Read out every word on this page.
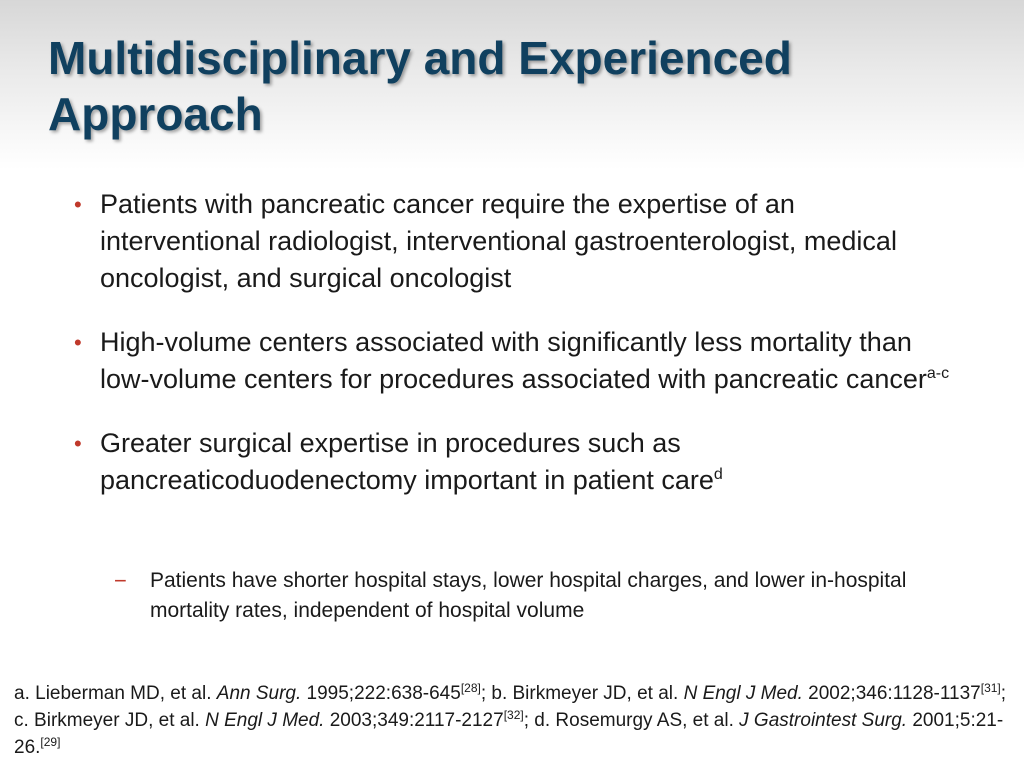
Multidisciplinary and Experienced
Approach
• Patients with pancreatic cancer require the expertise of an interventional radiologist, interventional gastroenterologist, medical oncologist, and surgical oncologist
• High-volume centers associated with significantly less mortality than low-volume centers for procedures associated with pancreatic cancer$^{a-c}$
• Greater surgical expertise in procedures such as pancreaticoduodenectomy important in patient care$^d$
− Patients have shorter hospital stays, lower hospital charges, and lower in-hospital mortality rates, independent of hospital volume
a. Lieberman MD, et al. Ann Surg. 1995;222:638-645[28]; b. Birkmeyer JD, et al. N Engl J Med. 2002;346:1128-1137[31]; c. Birkmeyer JD, et al. N Engl J Med. 2003;349:2117-2127[32]; d. Rosemurgy AS, et al. J Gastrointest Surg. 2001;5:21-26.[29]
